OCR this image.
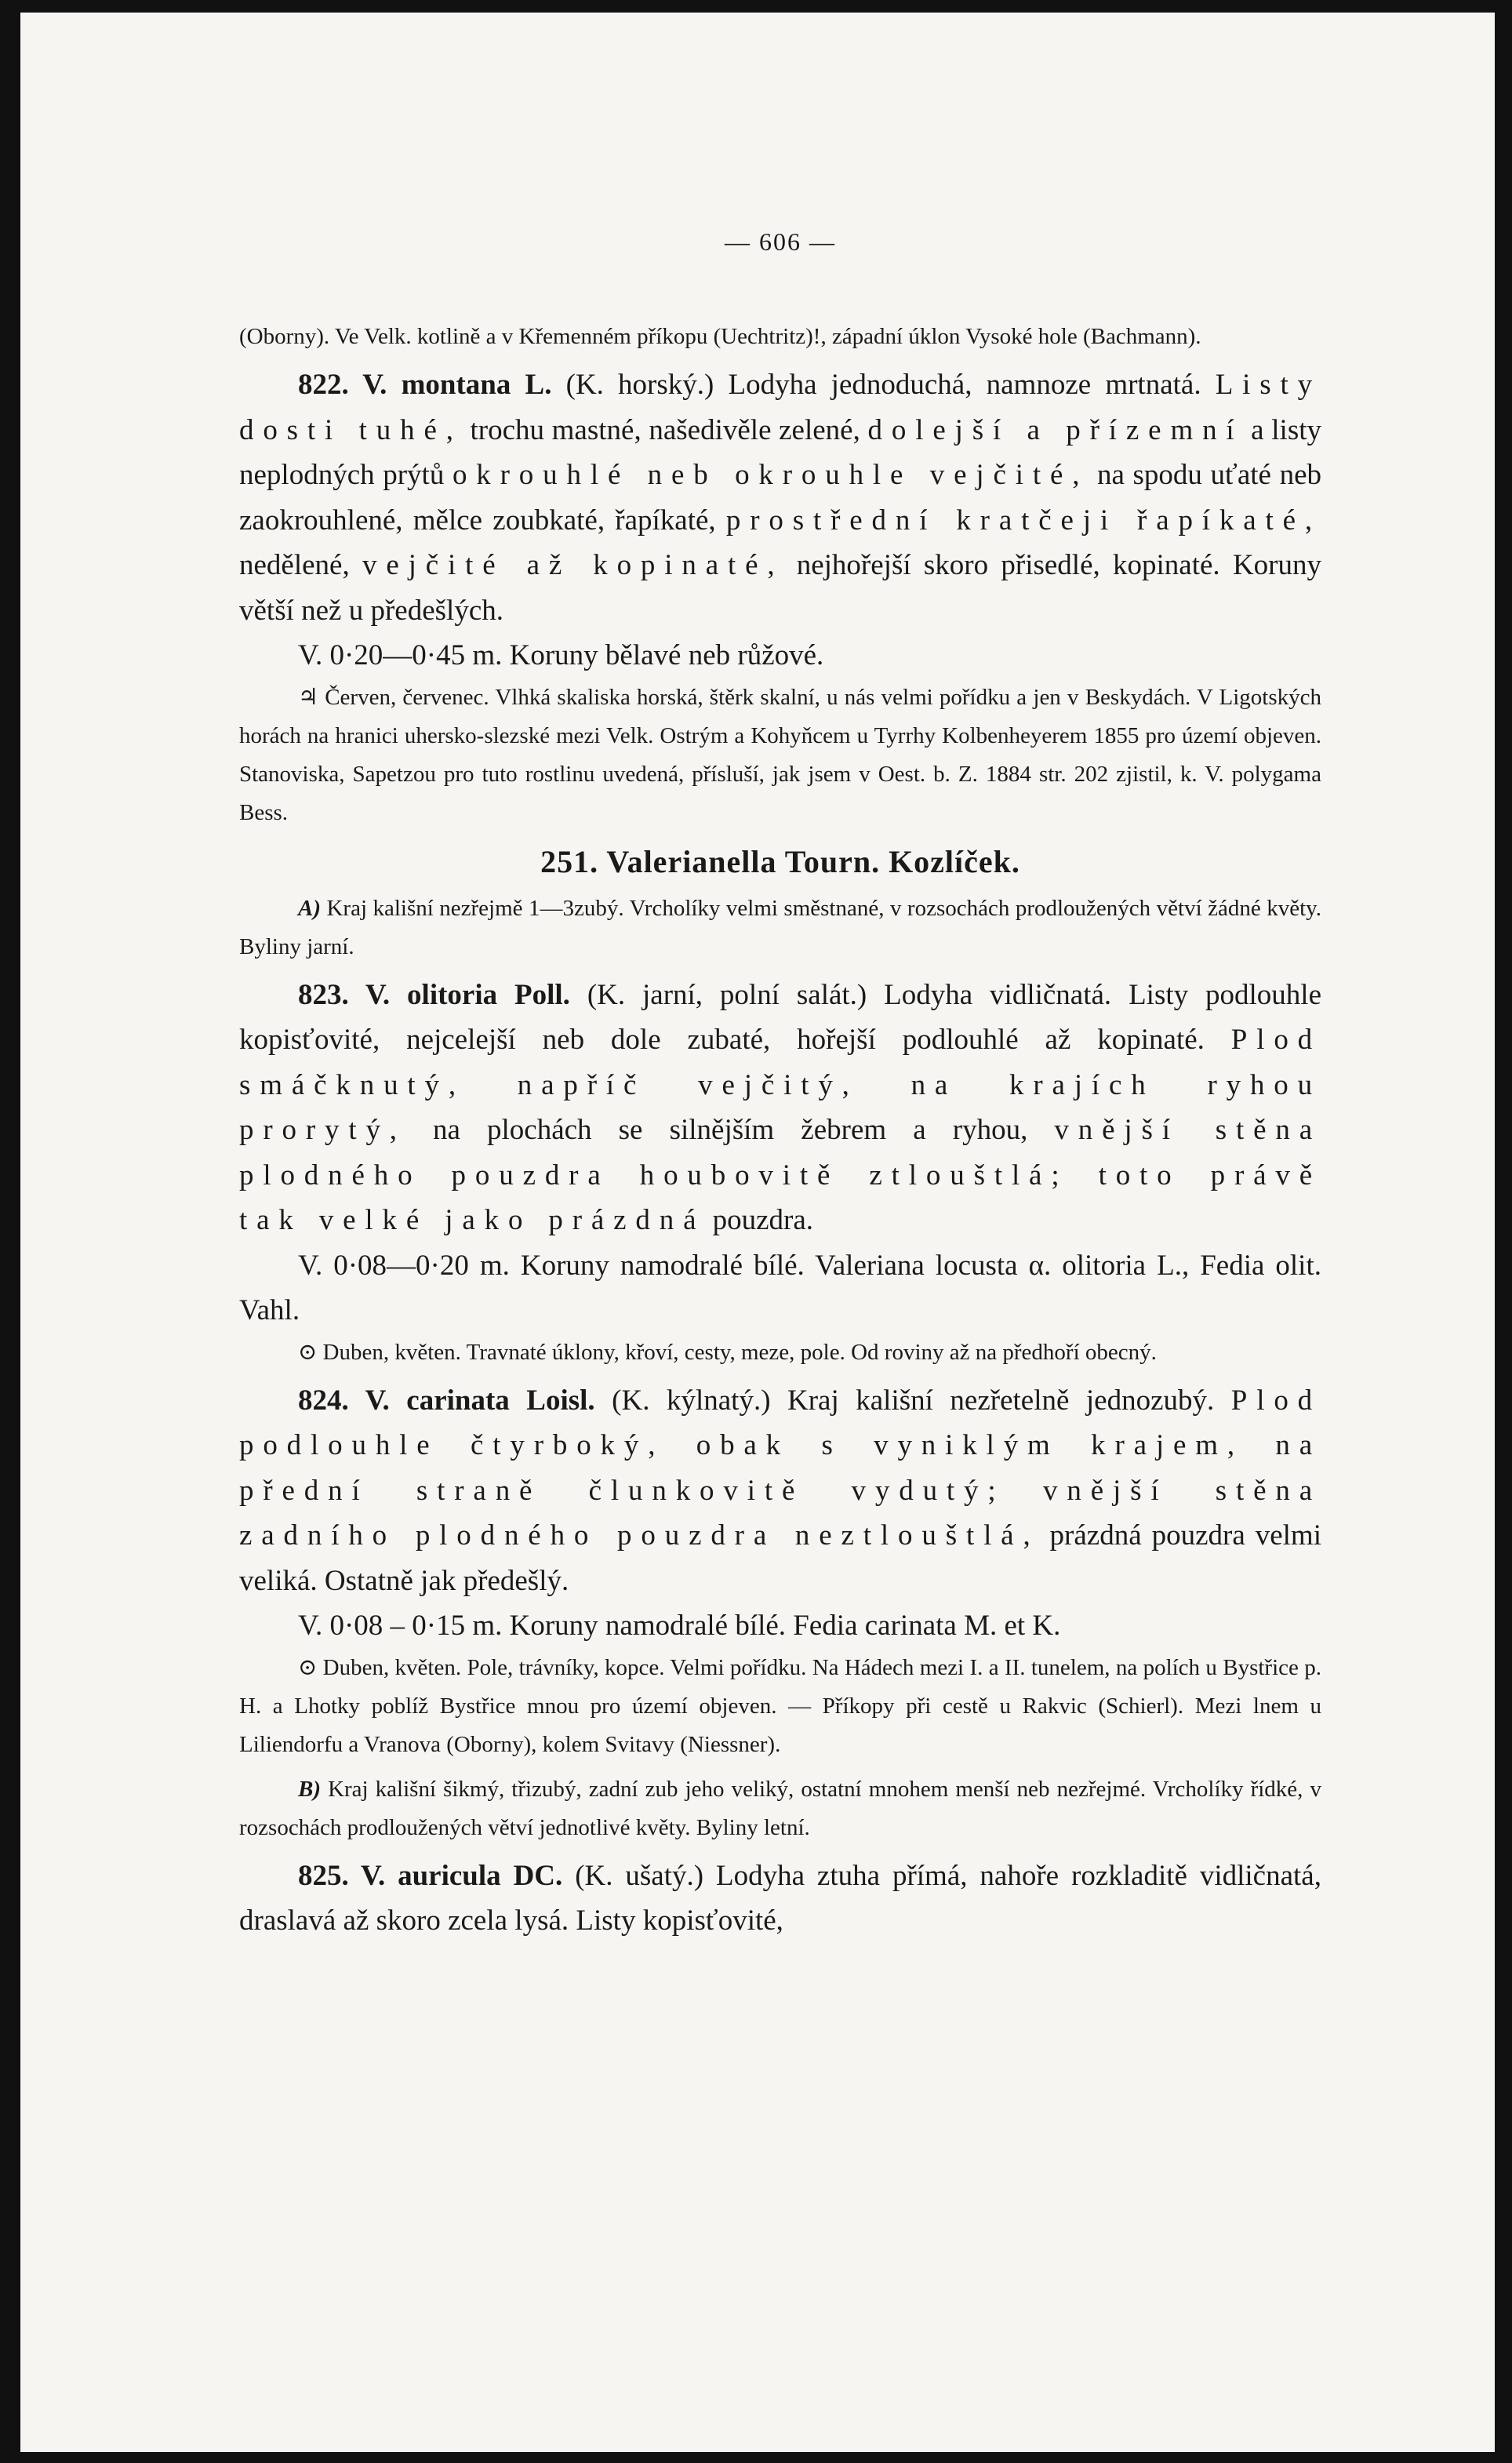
— 606 —

(Oborny). Ve Velk. kotlině a v Křemenném příkopu (Uechtritz)!, západní úklon Vysoké hole (Bachmann).

822. V. montana L. (K. horský.) Lodyha jednoduchá, namnoze mrtnatá. Listy dosti tuhé, trochu mastné, našedivěle zelené, dolejší a přízemní a listy neplodných prýtů okrouhlé neb okrouhle vejčité, na spodu uťaté neb zaokrouhlené, mělce zoubkaté, řapíkaté, prostřední kratčeji řapíkaté, nedělené, vejčité až kopinaté, nejhořejší skoro přisedlé, kopinaté. Koruny větší než u předešlých.

V. 0·20—0·45 m. Koruny bělavé neb růžové.

♃ Červen, červenec. Vlhká skaliska horská, štěrk skalní, u nás velmi pořídku a jen v Beskydách. V Ligotských horách na hranici uhersko-slezské mezi Velk. Ostrým a Kohyňcem u Tyrrhy Kolbenheyerem 1855 pro území objeven. Stanoviska, Sapetzou pro tuto rostlinu uvedená, přísluší, jak jsem v Oest. b. Z. 1884 str. 202 zjistil, k. V. polygama Bess.

251. Valerianella Tourn. Kozlíček.

A) Kraj kališní nezřejmě 1—3zubý. Vrcholíky velmi směstnané, v rozsochách prodloužených větví žádné květy. Byliny jarní.

823. V. olitoria Poll. (K. jarní, polní salát.) Lodyha vidličnatá. Listy podlouhle kopisťovité, nejcelejší neb dole zubaté, hořejší podlouhlé až kopinaté. Plod smáčknutý, napříč vejčitý, na krajích ryhou prorytý, na plochách se silnějším žebrem a ryhou, vnější stěna plodného pouzdra houbovitě ztlouštlá; toto právě tak velké jako prázdná pouzdra.

V. 0·08—0·20 m. Koruny namodralé bílé. Valeriana locusta α. olitoria L., Fedia olit. Vahl.

⊙ Duben, květen. Travnaté úklony, křoví, cesty, meze, pole. Od roviny až na předhoří obecný.

824. V. carinata Loisl. (K. kýlnatý.) Kraj kališní nezřetelně jednozubý. Plod podlouhle čtyrboký, obak s vyniklým krajem, na přední straně člunkovitě vydutý; vnější stěna zadního plodného pouzdra neztlouštlá, prázdná pouzdra velmi veliká. Ostatně jak předešlý.

V. 0·08 – 0·15 m. Koruny namodralé bílé. Fedia carinata M. et K.

⊙ Duben, květen. Pole, trávníky, kopce. Velmi pořídku. Na Hádech mezi I. a II. tunelem, na polích u Bystřice p. H. a Lhotky poblíž Bystřice mnou pro území objeven. — Příkopy při cestě u Rakvic (Schierl). Mezi lnem u Liliendorfu a Vranova (Oborny), kolem Svitavy (Niessner).

B) Kraj kališní šikmý, třizubý, zadní zub jeho veliký, ostatní mnohem menší neb nezřejmé. Vrcholíky řídké, v rozsochách prodloužených větví jednotlivé květy. Byliny letní.

825. V. auricula DC. (K. ušatý.) Lodyha ztuha přímá, nahoře rozkladitě vidličnatá, draslavá až skoro zcela lysá. Listy kopisťovité,
